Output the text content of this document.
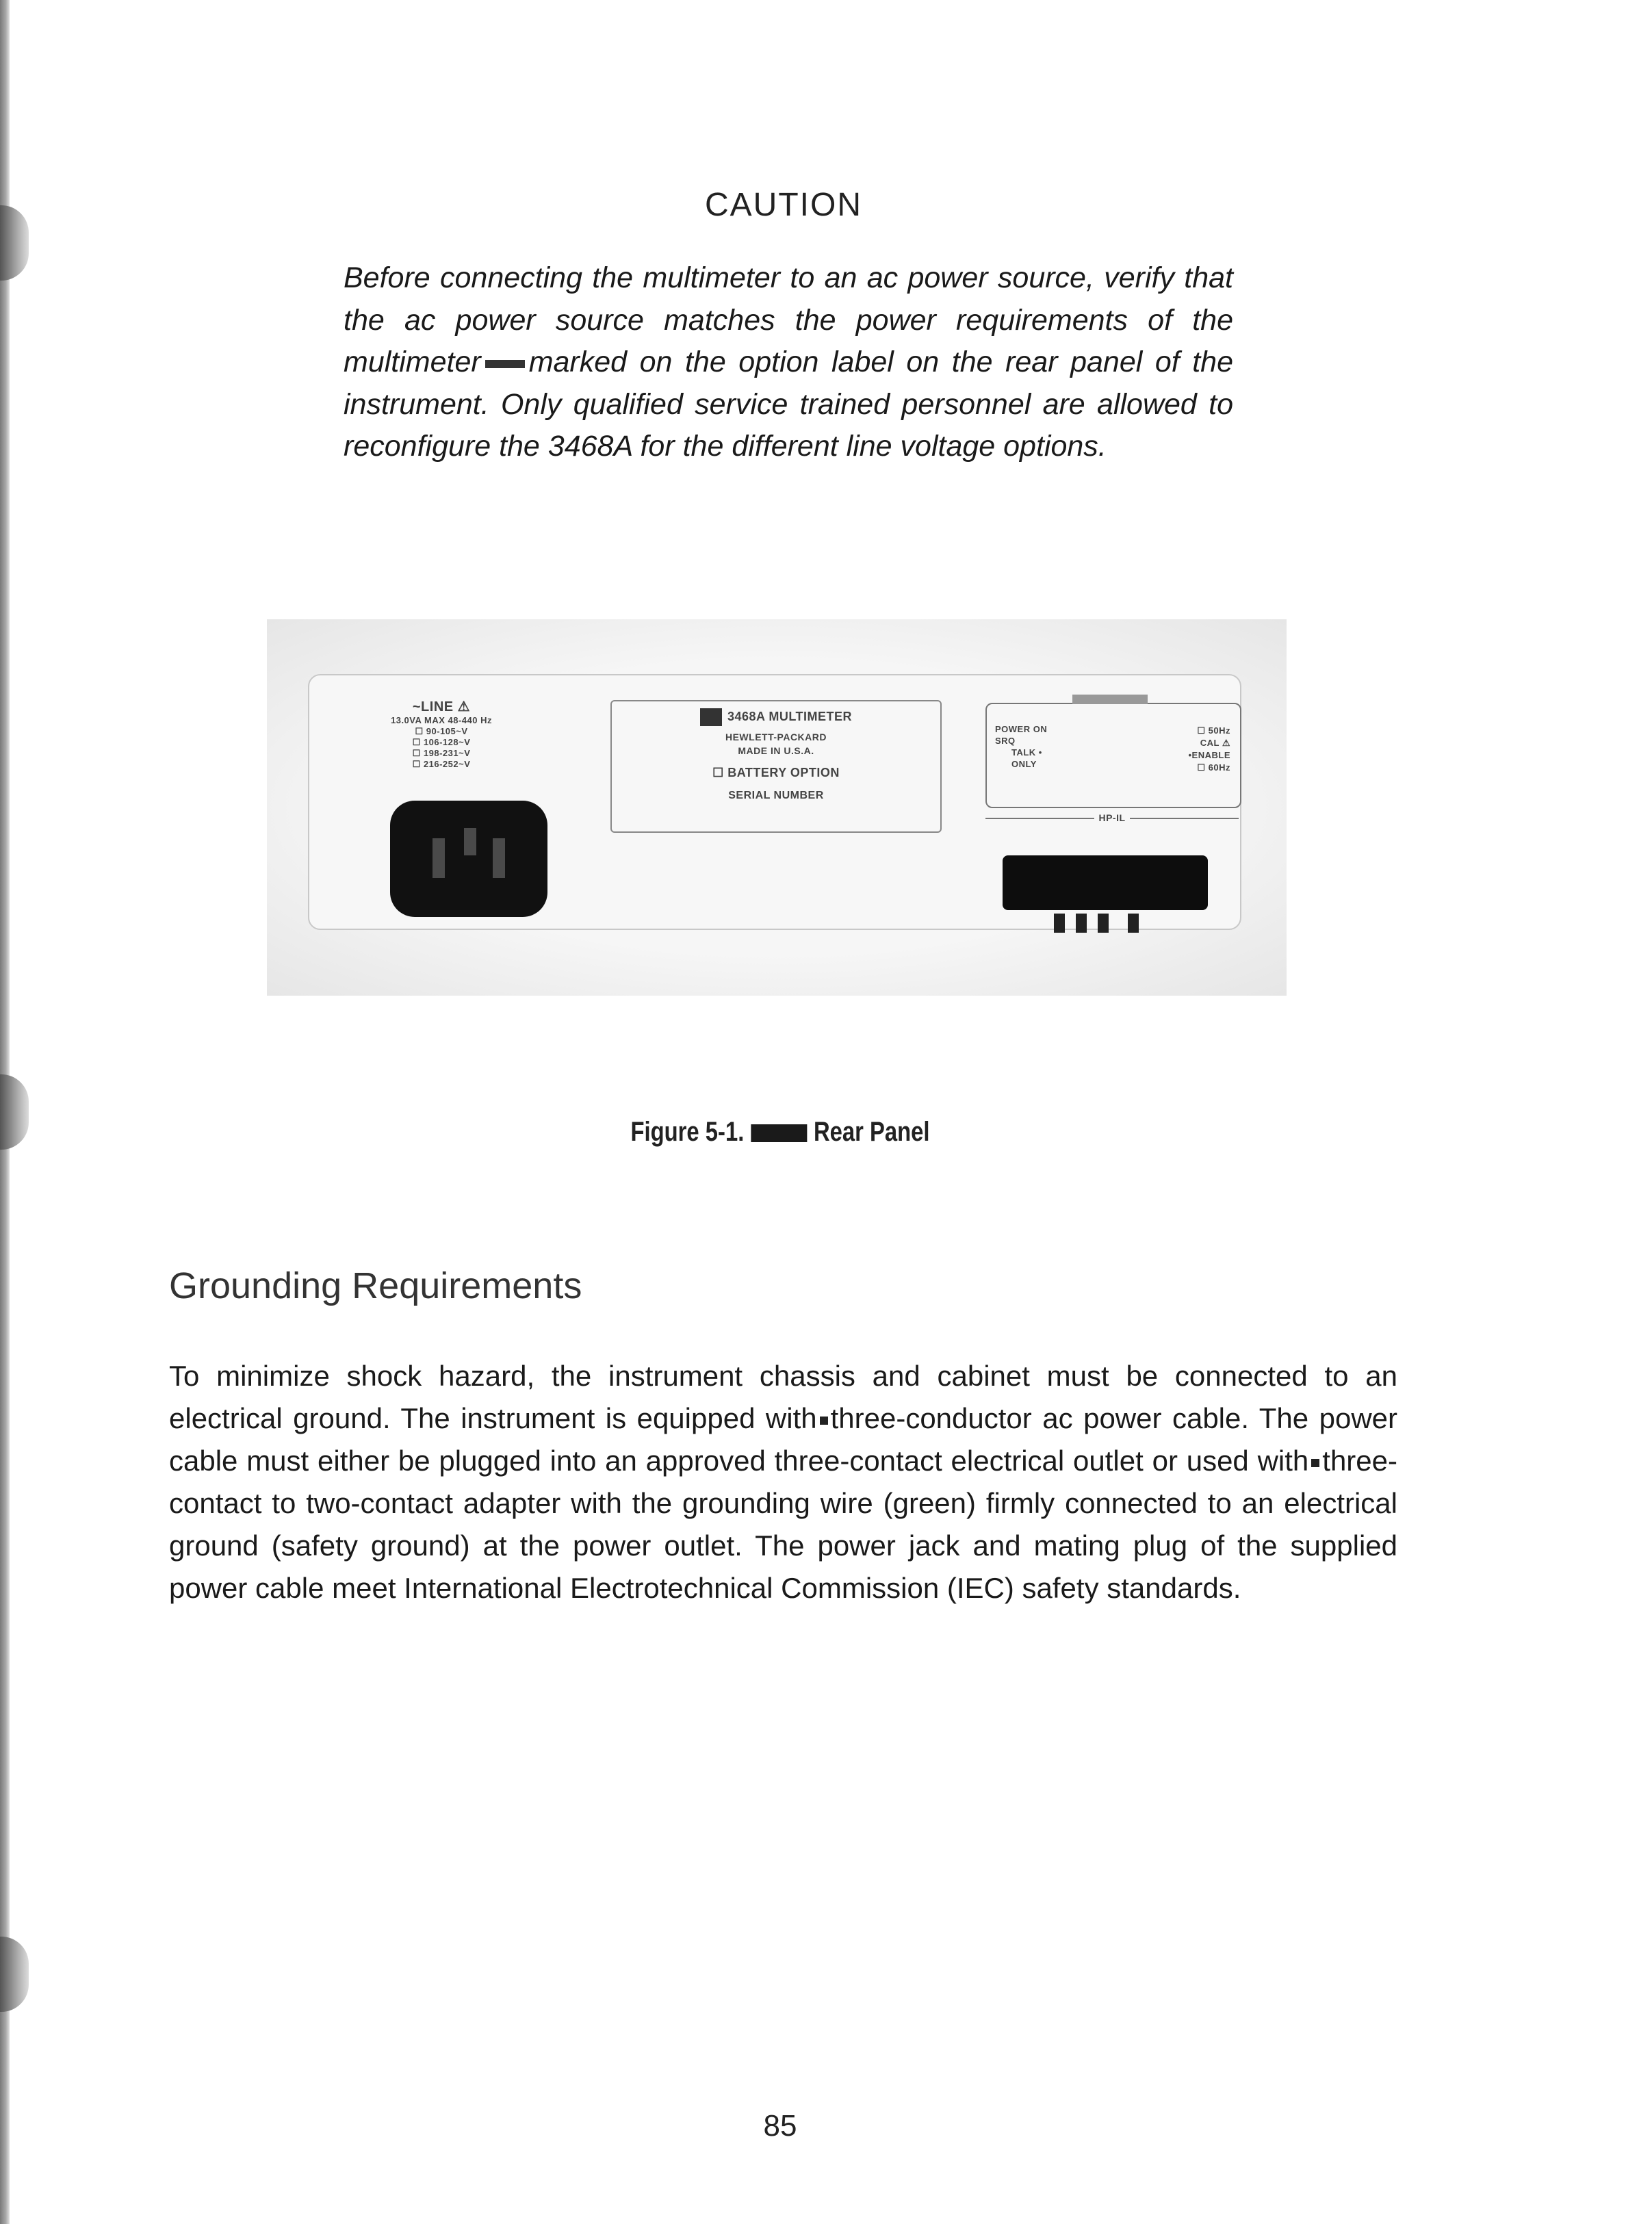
CAUTION
Before connecting the multimeter to an ac power source, verify that the ac power source matches the power requirements of the multimeter marked on the option label on the rear panel of the instrument. Only qualified service trained personnel are allowed to reconfigure the 3468A for the different line voltage options.
~LINE ⚠
13.0VA MAX 48-440 Hz
☐ 90-105~V
☐ 106-128~V
☐ 198-231~V
☐ 216-252~V
3468A MULTIMETER
HEWLETT-PACKARD
MADE IN U.S.A.
☐ BATTERY OPTION
SERIAL NUMBER
POWER ON
SRQ
TALK •
ONLY
☐ 50Hz
CAL ⚠
•ENABLE
☐ 60Hz
HP-IL
Figure 5-1.	Rear Panel
Grounding Requirements
To minimize shock hazard, the instrument chassis and cabinet must be connected to an electrical ground. The instrument is equipped with three-conductor ac power cable. The power cable must either be plugged into an approved three-contact electrical outlet or used with three-contact to two-contact adapter with the grounding wire (green) firmly connected to an electrical ground (safety ground) at the power outlet. The power jack and mating plug of the supplied power cable meet International Electrotechnical Commission (IEC) safety standards.
85
